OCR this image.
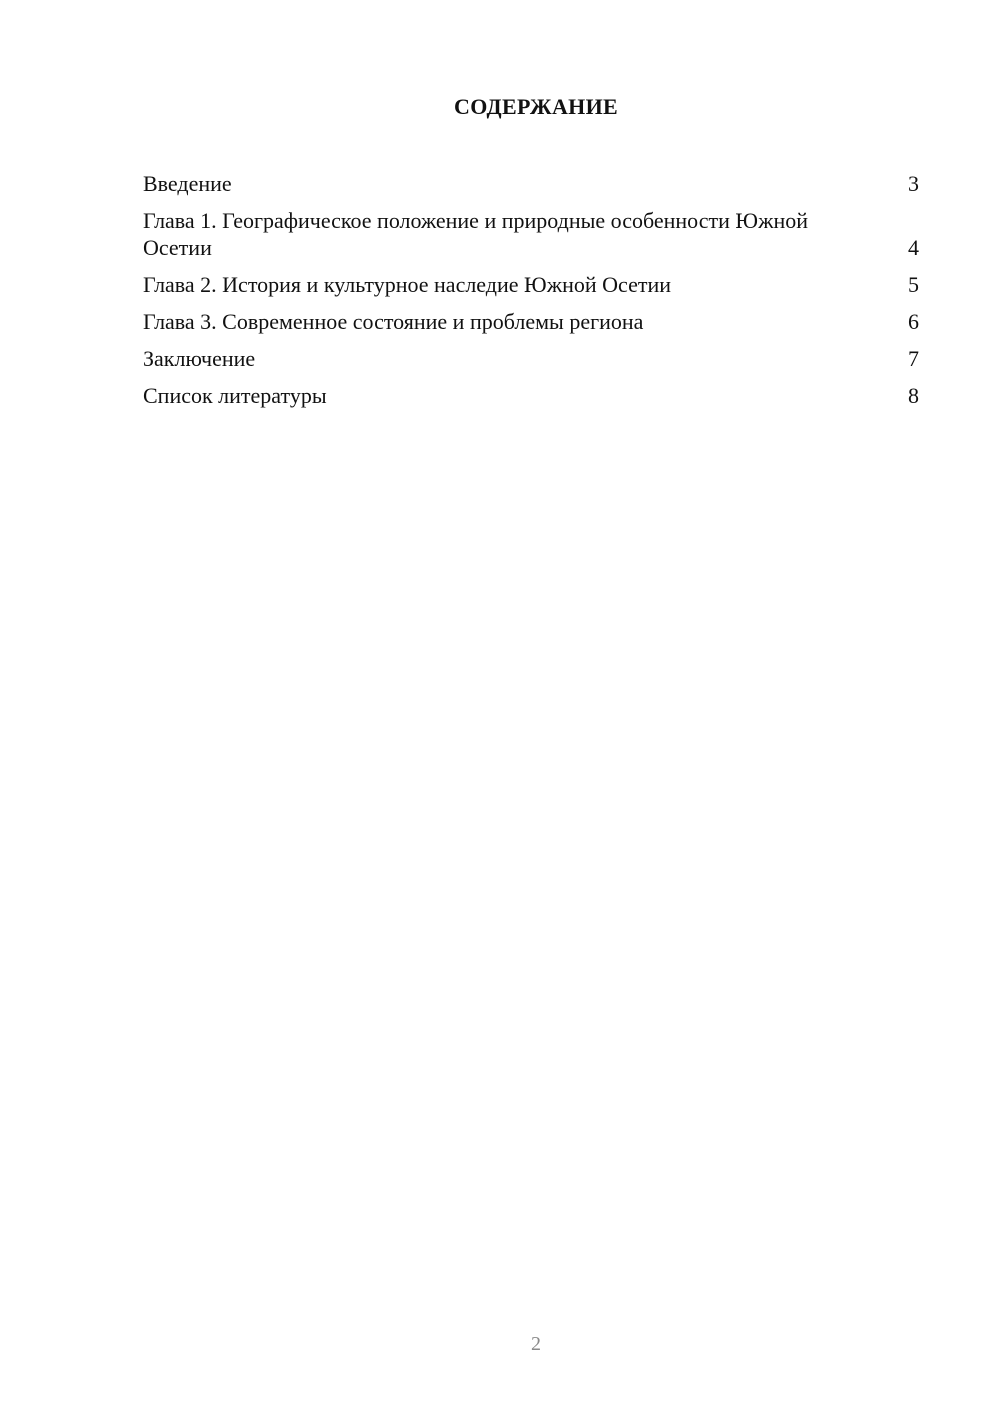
СОДЕРЖАНИЕ
Введение	3
Глава 1. Географическое положение и природные особенности Южной Осетии	4
Глава 2. История и культурное наследие Южной Осетии	5
Глава 3. Современное состояние и проблемы региона	6
Заключение	7
Список литературы	8
2
